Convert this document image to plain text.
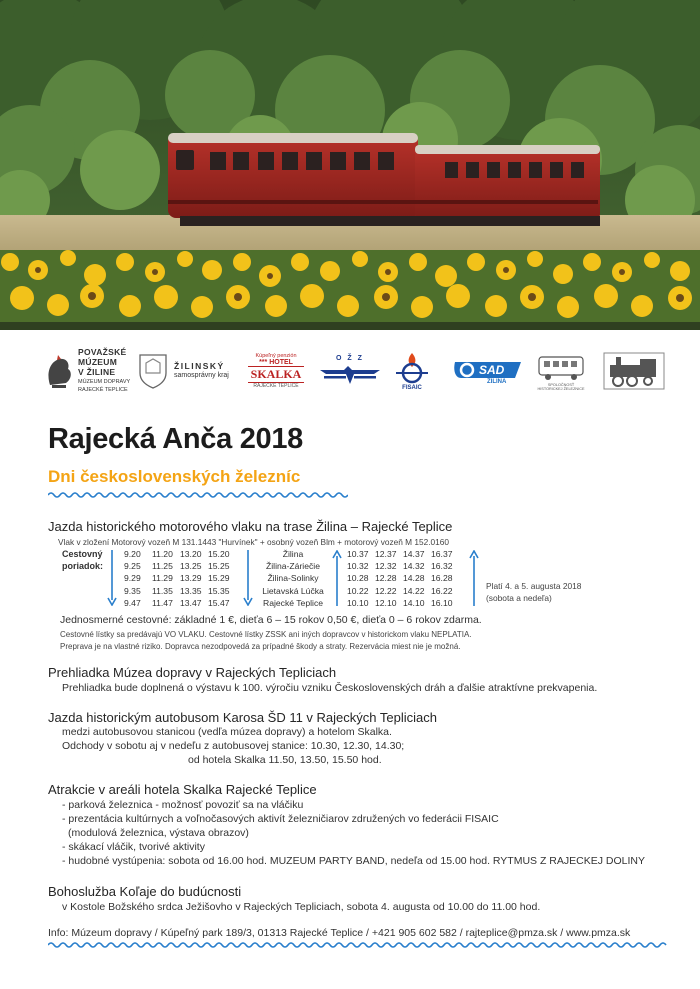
POVAŽSKÉ
MÚZEUM
V ŽILINE
MÚZEUM DOPRAVY
RAJECKÉ TEPLICE
ŽILINSKÝ
samosprávny kraj
Kúpeľný penzión
*** HOTEL
SKALKA
RAJECKÉ TEPLICE
O Ž Z
FISAIC
SAD
ŽILINA	SPOLOČNOSŤ HISTORICKEJ ŽELEZNICE
Rajecká Anča 2018
Dni československých železníc
Jazda historického motorového vlaku na trase Žilina – Rajecké Teplice
Vlak v zložení Motorový vozeň M 131.1443 "Hurvínek" + osobný vozeň Blm + motorový vozeň M 152.0160
Cestovný
poriadok:
9.20
9.25
9.29
9.35
9.47
11.20
11.25
11.29
11.35
11.47
13.20
13.25
13.29
13.35
13.47
15.20
15.25
15.29
15.35
15.47
Žilina
Žilina-Záriečie
Žilina-Solinky
Lietavská Lúčka
Rajecké Teplice
10.37
10.32
10.28
10.22
10.10
12.37
12.32
12.28
12.22
12.10
14.37
14.32
14.28
14.22
14.10
16.37
16.32
16.28
16.22
16.10
Platí 4. a 5. augusta 2018
(sobota a nedeľa)
Jednosmerné cestovné: základné 1 €, dieťa 6 – 15 rokov 0,50 €, dieťa 0 – 6 rokov zdarma.
Cestovné lístky sa predávajú VO VLAKU. Cestovné lístky ZSSK ani iných dopravcov v historickom vlaku NEPLATIA.
Preprava je na vlastné riziko. Dopravca nezodpovedá za prípadné škody a straty. Rezervácia miest nie je možná.
Prehliadka Múzea dopravy v Rajeckých Tepliciach
Prehliadka bude doplnená o výstavu k 100. výročiu vzniku Československých dráh a ďalšie atraktívne prekvapenia.
Jazda historickým autobusom Karosa ŠD 11 v Rajeckých Tepliciach
medzi autobusovou stanicou (vedľa múzea dopravy) a hotelom Skalka.
Odchody v sobotu aj v nedeľu z autobusovej stanice: 10.30, 12.30, 14.30;
od hotela Skalka 11.50, 13.50, 15.50 hod.
Atrakcie v areáli hotela Skalka Rajecké Teplice
- parková železnica - možnosť povoziť sa na vláčiku
- prezentácia kultúrnych a voľnočasových aktivít železničiarov združených vo federácii FISAIC
(modulová železnica, výstava obrazov)
- skákací vláčik, tvorivé aktivity
- hudobné vystúpenia: sobota od 16.00 hod. MUZEUM PARTY BAND, nedeľa od 15.00 hod. RYTMUS Z RAJECKEJ DOLINY
Bohoslužba Koľaje do budúcnosti
v Kostole Božského srdca Ježišovho v Rajeckých Tepliciach, sobota 4. augusta od 10.00 do 11.00 hod.
Info: Múzeum dopravy / Kúpeľný park 189/3, 01313 Rajecké Teplice / +421 905 602 582 / rajteplice@pmza.sk / www.pmza.sk
